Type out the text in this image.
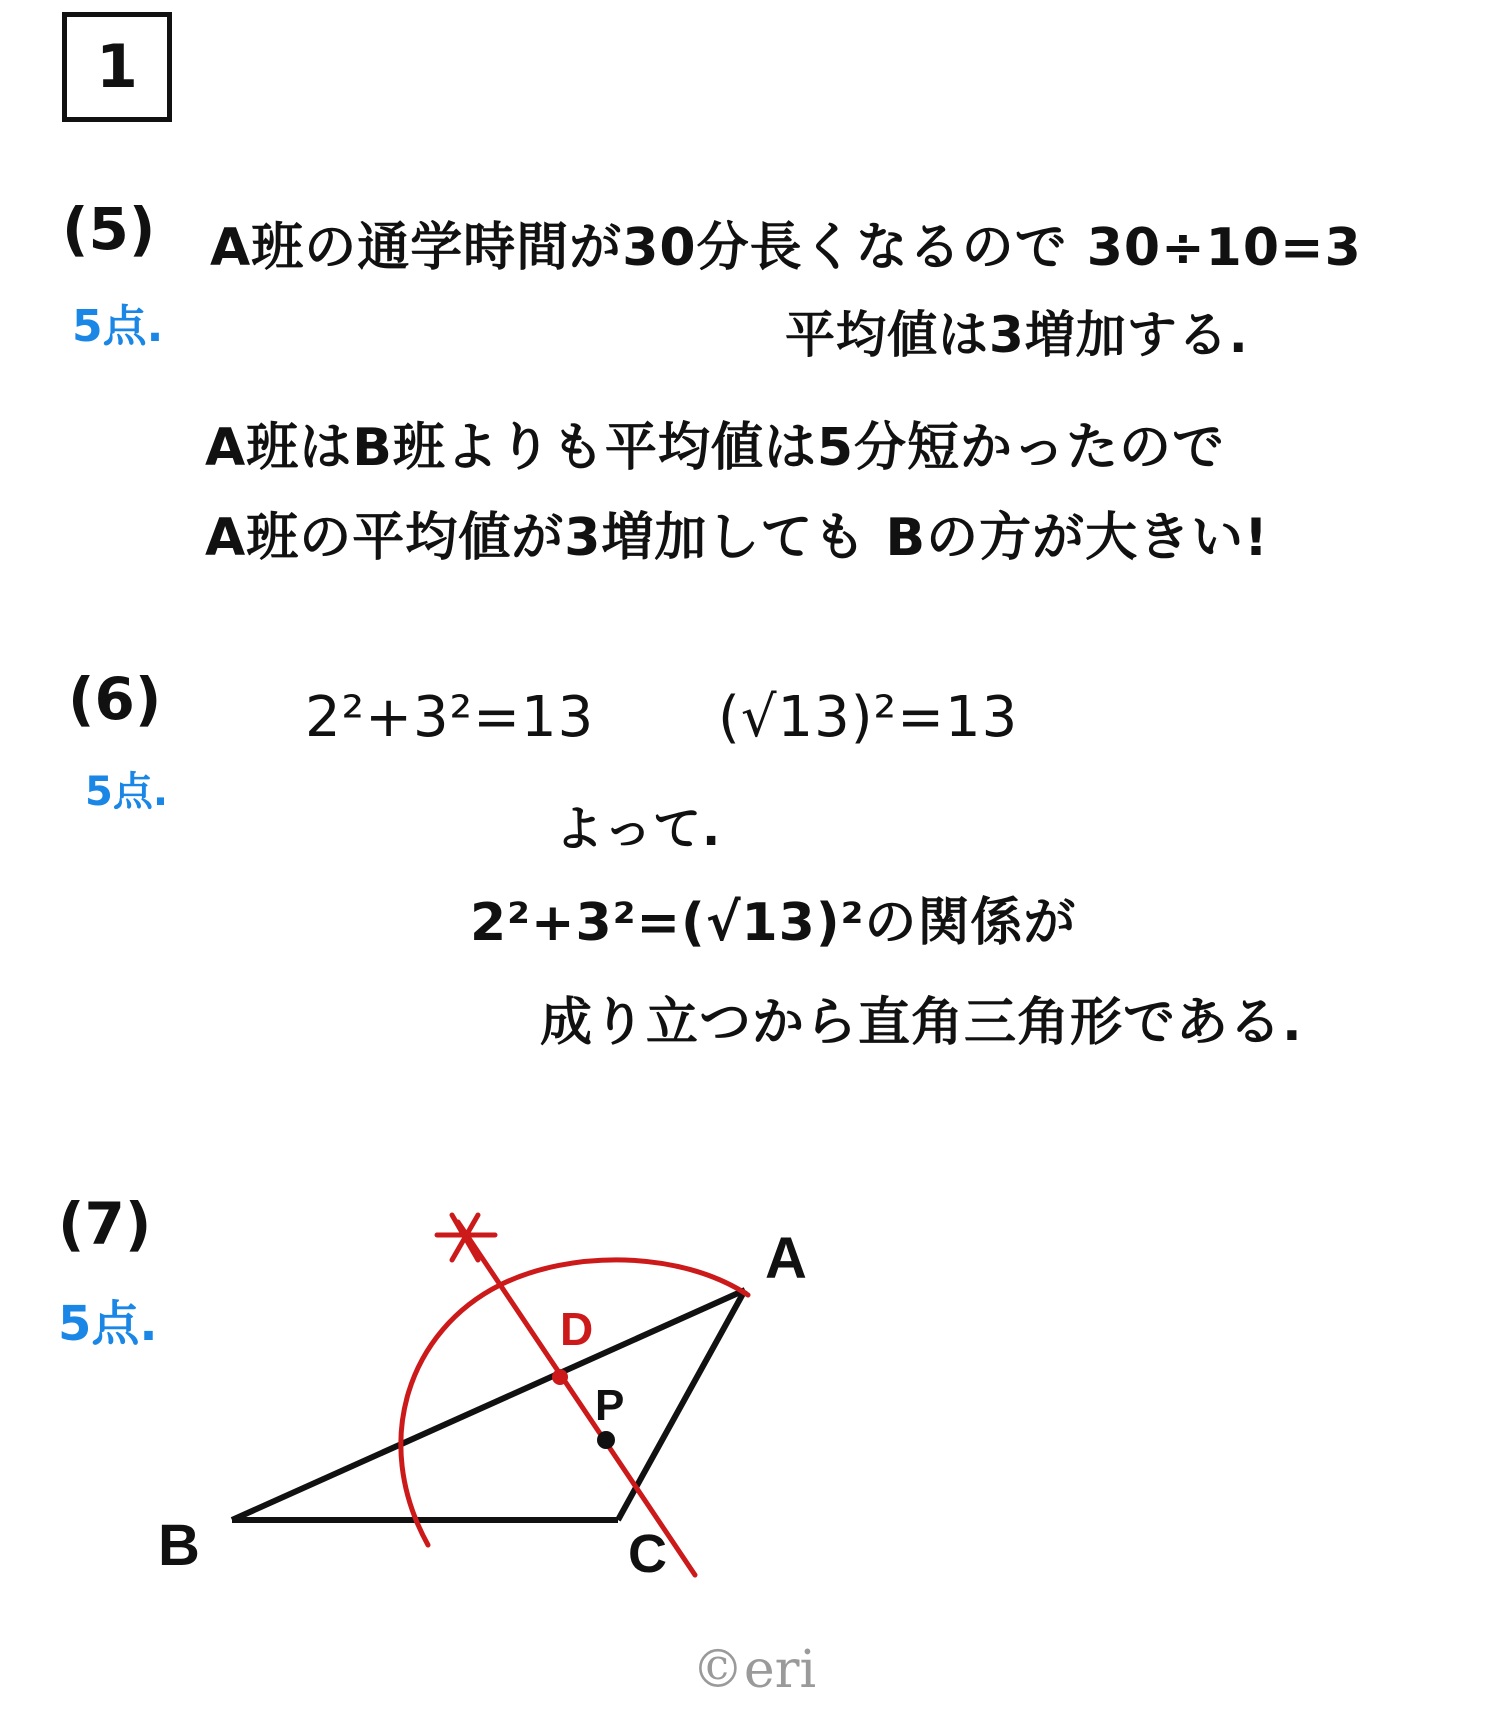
1
(5)
5点.
A班の通学時間が30分長くなるので 30÷10=3
平均値は3増加する.
A班はB班よりも平均値は5分短かったので
A班の平均値が3増加しても Bの方が大きい!
(6)
5点.
2²+3²=13 (√13)²=13
よって.
2²+3²=(√13)²の関係が
成り立つから直角三角形である.
(7)
5点.
A
B	C
D
P
©eri
